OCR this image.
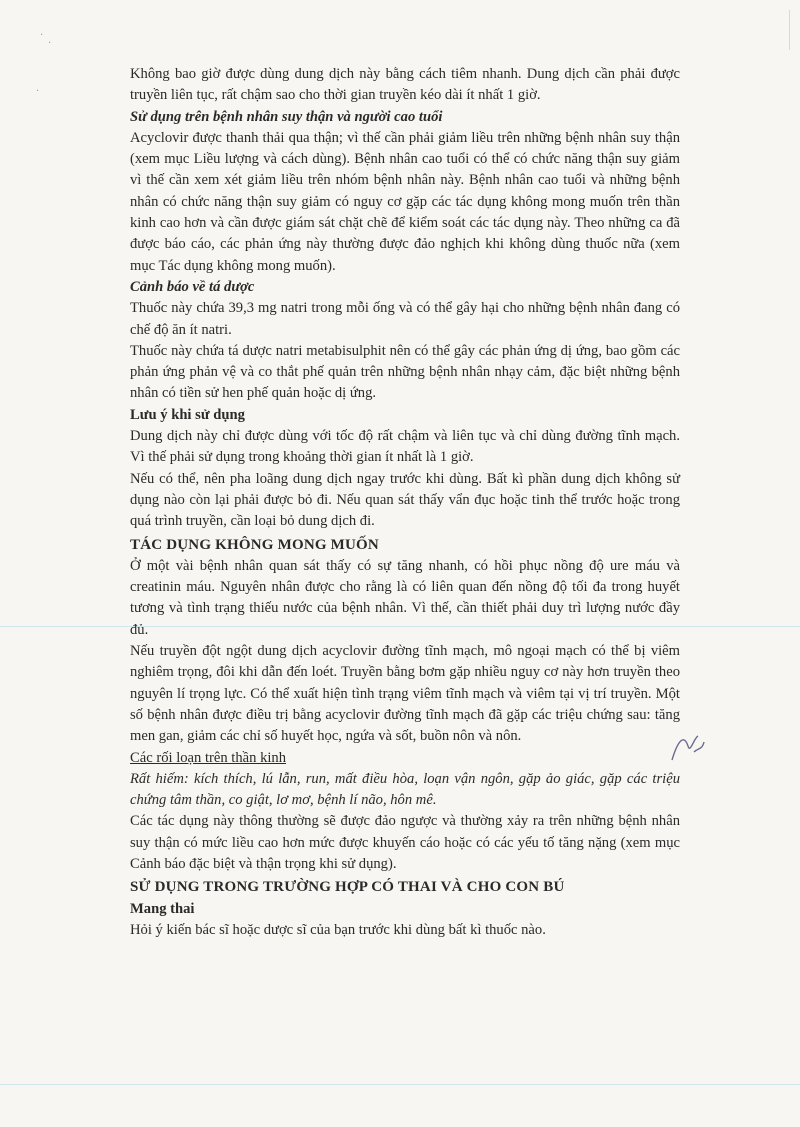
·
·
·

Không bao giờ được dùng dung dịch này bằng cách tiêm nhanh. Dung dịch cần phải được truyền liên tục, rất chậm sao cho thời gian truyền kéo dài ít nhất 1 giờ.

Sử dụng trên bệnh nhân suy thận và người cao tuổi

Acyclovir được thanh thải qua thận; vì thế cần phải giảm liều trên những bệnh nhân suy thận (xem mục Liều lượng và cách dùng). Bệnh nhân cao tuổi có thể có chức năng thận suy giảm vì thế cần xem xét giảm liều trên nhóm bệnh nhân này. Bệnh nhân cao tuổi và những bệnh nhân có chức năng thận suy giảm có nguy cơ gặp các tác dụng không mong muốn trên thần kinh cao hơn và cần được giám sát chặt chẽ để kiểm soát các tác dụng này. Theo những ca đã được báo cáo, các phản ứng này thường được đảo nghịch khi không dùng thuốc nữa (xem mục Tác dụng không mong muốn).

Cảnh báo về tá dược

Thuốc này chứa 39,3 mg natri trong mỗi ống và có thể gây hại cho những bệnh nhân đang có chế độ ăn ít natri.

Thuốc này chứa tá dược natri metabisulphit nên có thể gây các phản ứng dị ứng, bao gồm các phản ứng phản vệ và co thắt phế quản trên những bệnh nhân nhạy cảm, đặc biệt những bệnh nhân có tiền sử hen phế quản hoặc dị ứng.

Lưu ý khi sử dụng

Dung dịch này chỉ được dùng với tốc độ rất chậm và liên tục và chỉ dùng đường tĩnh mạch. Vì thế phải sử dụng trong khoảng thời gian ít nhất là 1 giờ.

Nếu có thể, nên pha loãng dung dịch ngay trước khi dùng. Bất kì phần dung dịch không sử dụng nào còn lại phải được bỏ đi. Nếu quan sát thấy vẩn đục hoặc tinh thể trước hoặc trong quá trình truyền, cần loại bỏ dung dịch đi.

TÁC DỤNG KHÔNG MONG MUỐN

Ở một vài bệnh nhân quan sát thấy có sự tăng nhanh, có hồi phục nồng độ ure máu và creatinin máu. Nguyên nhân được cho rằng là có liên quan đến nồng độ tối đa trong huyết tương và tình trạng thiếu nước của bệnh nhân. Vì thế, cần thiết phải duy trì lượng nước đầy đủ.

Nếu truyền đột ngột dung dịch acyclovir đường tĩnh mạch, mô ngoại mạch có thể bị viêm nghiêm trọng, đôi khi dẫn đến loét. Truyền bằng bơm gặp nhiều nguy cơ này hơn truyền theo nguyên lí trọng lực. Có thể xuất hiện tình trạng viêm tĩnh mạch và viêm tại vị trí truyền. Một số bệnh nhân được điều trị bằng acyclovir đường tĩnh mạch đã gặp các triệu chứng sau: tăng men gan, giảm các chỉ số huyết học, ngứa và sốt, buồn nôn và nôn.

Các rối loạn trên thần kinh

Rất hiếm: kích thích, lú lẫn, run, mất điều hòa, loạn vận ngôn, gặp ảo giác, gặp các triệu chứng tâm thần, co giật, lơ mơ, bệnh lí não, hôn mê.

Các tác dụng này thông thường sẽ được đảo ngược và thường xảy ra trên những bệnh nhân suy thận có mức liều cao hơn mức được khuyến cáo hoặc có các yếu tố tăng nặng (xem mục Cảnh báo đặc biệt và thận trọng khi sử dụng).

SỬ DỤNG TRONG TRƯỜNG HỢP CÓ THAI VÀ CHO CON BÚ

Mang thai

Hỏi ý kiến bác sĩ hoặc dược sĩ của bạn trước khi dùng bất kì thuốc nào.
